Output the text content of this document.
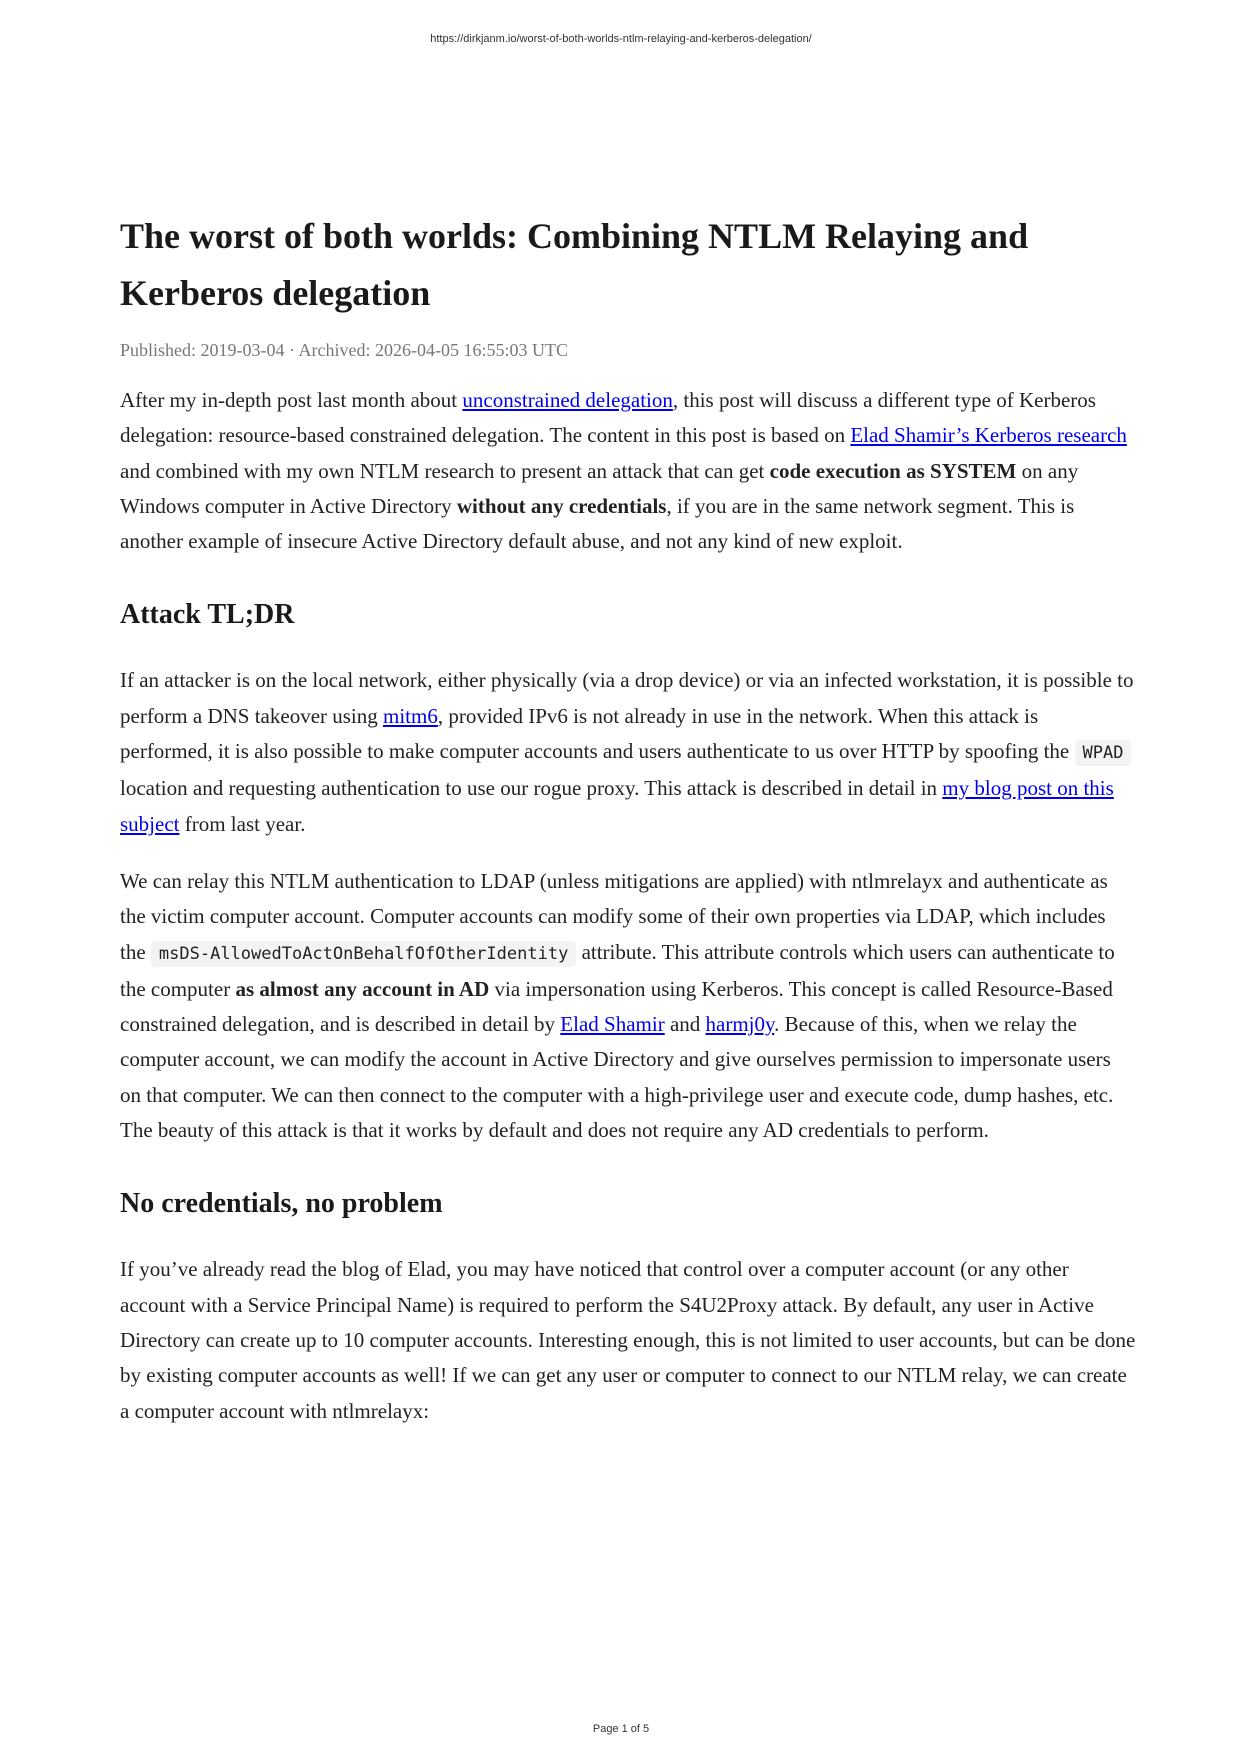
https://dirkjanm.io/worst-of-both-worlds-ntlm-relaying-and-kerberos-delegation/
The worst of both worlds: Combining NTLM Relaying and Kerberos delegation
Published: 2019-03-04 · Archived: 2026-04-05 16:55:03 UTC

After my in-depth post last month about unconstrained delegation, this post will discuss a different type of Kerberos delegation: resource-based constrained delegation. The content in this post is based on Elad Shamir’s Kerberos research and combined with my own NTLM research to present an attack that can get code execution as SYSTEM on any Windows computer in Active Directory without any credentials, if you are in the same network segment. This is another example of insecure Active Directory default abuse, and not any kind of new exploit.

Attack TL;DR

If an attacker is on the local network, either physically (via a drop device) or via an infected workstation, it is possible to perform a DNS takeover using mitm6, provided IPv6 is not already in use in the network. When this attack is performed, it is also possible to make computer accounts and users authenticate to us over HTTP by spoofing the WPAD location and requesting authentication to use our rogue proxy. This attack is described in detail in my blog post on this subject from last year.

We can relay this NTLM authentication to LDAP (unless mitigations are applied) with ntlmrelayx and authenticate as the victim computer account. Computer accounts can modify some of their own properties via LDAP, which includes the msDS-AllowedToActOnBehalfOfOtherIdentity attribute. This attribute controls which users can authenticate to the computer as almost any account in AD via impersonation using Kerberos. This concept is called Resource-Based constrained delegation, and is described in detail by Elad Shamir and harmj0y. Because of this, when we relay the computer account, we can modify the account in Active Directory and give ourselves permission to impersonate users on that computer. We can then connect to the computer with a high-privilege user and execute code, dump hashes, etc. The beauty of this attack is that it works by default and does not require any AD credentials to perform.

No credentials, no problem

If you’ve already read the blog of Elad, you may have noticed that control over a computer account (or any other account with a Service Principal Name) is required to perform the S4U2Proxy attack. By default, any user in Active Directory can create up to 10 computer accounts. Interesting enough, this is not limited to user accounts, but can be done by existing computer accounts as well! If we can get any user or computer to connect to our NTLM relay, we can create a computer account with ntlmrelayx:

Page 1 of 5
